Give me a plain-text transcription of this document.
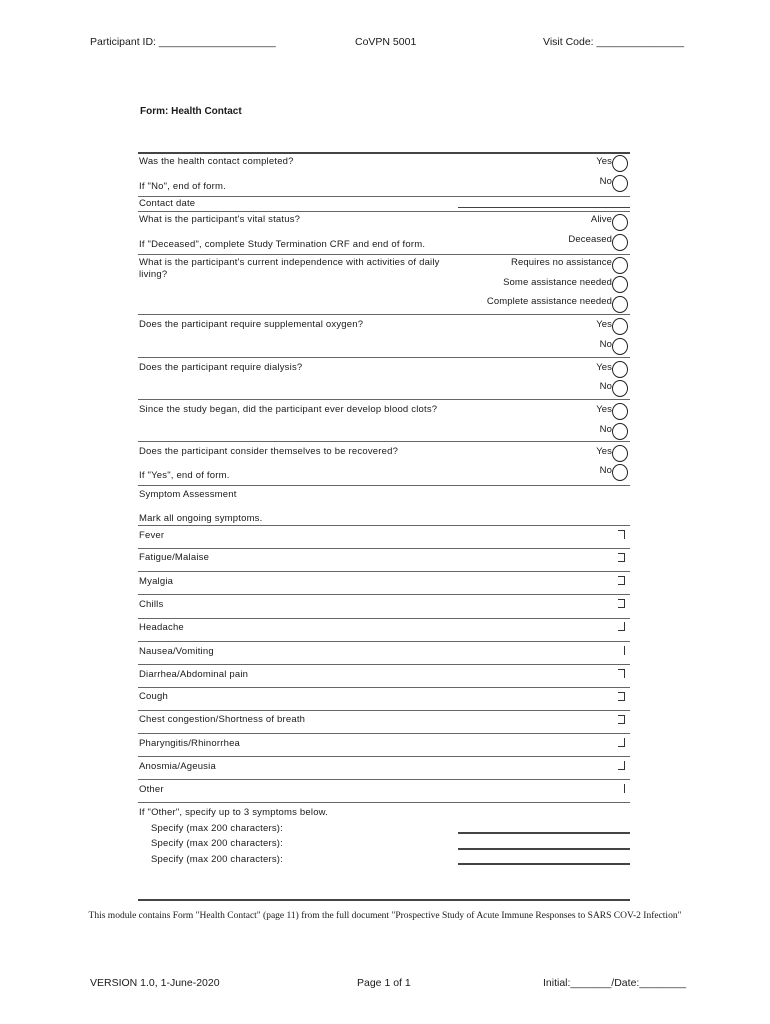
Participant ID: ____________________	CoVPN 5001	Visit Code: _______________
Form: Health Contact
Was the health contact completed?	Yes
No
If "No", end of form.
Contact date
What is the participant's vital status?	Alive
Deceased
If "Deceased", complete Study Termination CRF and end of form.
What is the participant's current independence with activities of daily living?
Requires no assistance
Some assistance needed
Complete assistance needed
Does the participant require supplemental oxygen?	Yes
No
Does the participant require dialysis?	Yes
No
Since the study began, did the participant ever develop blood clots?	Yes
No
Does the participant consider themselves to be recovered?	Yes
No
If "Yes", end of form.
Symptom Assessment
Mark all ongoing symptoms.
Fever
Fatigue/Malaise
Myalgia
Chills
Headache
Nausea/Vomiting
Diarrhea/Abdominal pain
Cough
Chest congestion/Shortness of breath
Pharyngitis/Rhinorrhea
Anosmia/Ageusia
Other
If "Other", specify up to 3 symptoms below.
Specify (max 200 characters):
Specify (max 200 characters):
Specify (max 200 characters):
This module contains Form "Health Contact" (page 11) from the full document "Prospective Study of Acute Immune Responses to SARS COV-2 Infection"
VERSION 1.0, 1-June-2020	Page 1 of 1	Initial:_______/Date:________
